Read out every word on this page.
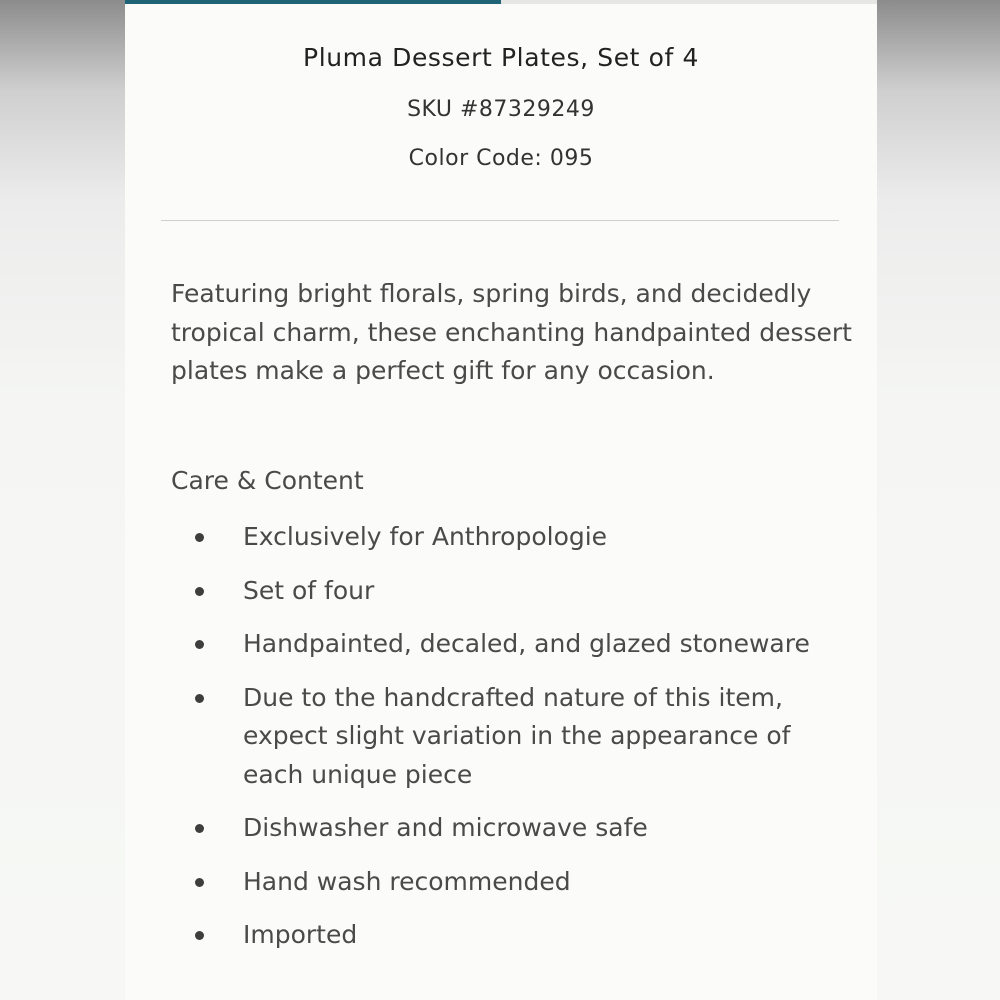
Pluma Dessert Plates, Set of 4
SKU #87329249
Color Code: 095
Featuring bright florals, spring birds, and decidedly tropical charm, these enchanting handpainted dessert plates make a perfect gift for any occasion.
Care & Content
Exclusively for Anthropologie
Set of four
Handpainted, decaled, and glazed stoneware
Due to the handcrafted nature of this item, expect slight variation in the appearance of each unique piece
Dishwasher and microwave safe
Hand wash recommended
Imported
